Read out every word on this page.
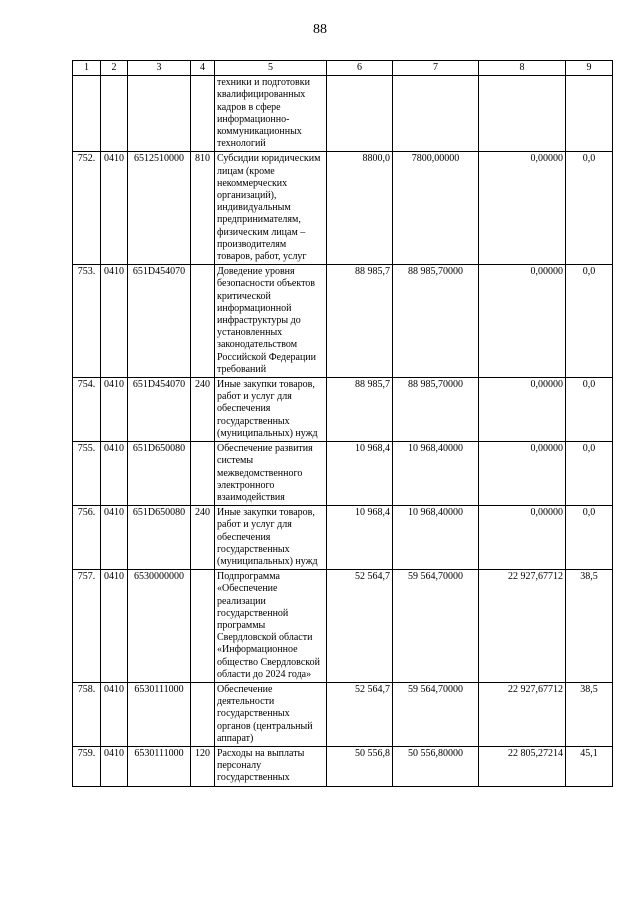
88
1	2	3	4	5	6	7	8	9
				техники и подготовки квалифицированных кадров в сфере информационно-коммуникационных технологий				
752.	0410	6512510000	810	Субсидии юридическим лицам (кроме некоммерческих организаций), индивидуальным предпринимателям, физическим лицам – производителям товаров, работ, услуг	8800,0	7800,00000	0,00000	0,0
753.	0410	651D454070		Доведение уровня безопасности объектов критической информационной инфраструктуры до установленных законодательством Российской Федерации требований	88 985,7	88 985,70000	0,00000	0,0
754.	0410	651D454070	240	Иные закупки товаров, работ и услуг для обеспечения государственных (муниципальных) нужд	88 985,7	88 985,70000	0,00000	0,0
755.	0410	651D650080		Обеспечение развития системы межведомственного электронного взаимодействия	10 968,4	10 968,40000	0,00000	0,0
756.	0410	651D650080	240	Иные закупки товаров, работ и услуг для обеспечения государственных (муниципальных) нужд	10 968,4	10 968,40000	0,00000	0,0
757.	0410	6530000000		Подпрограмма «Обеспечение реализации государственной программы Свердловской области «Информационное общество Свердловской области до 2024 года»	52 564,7	59 564,70000	22 927,67712	38,5
758.	0410	6530111000		Обеспечение деятельности государственных органов (центральный аппарат)	52 564,7	59 564,70000	22 927,67712	38,5
759.	0410	6530111000	120	Расходы на выплаты персоналу государственных	50 556,8	50 556,80000	22 805,27214	45,1
